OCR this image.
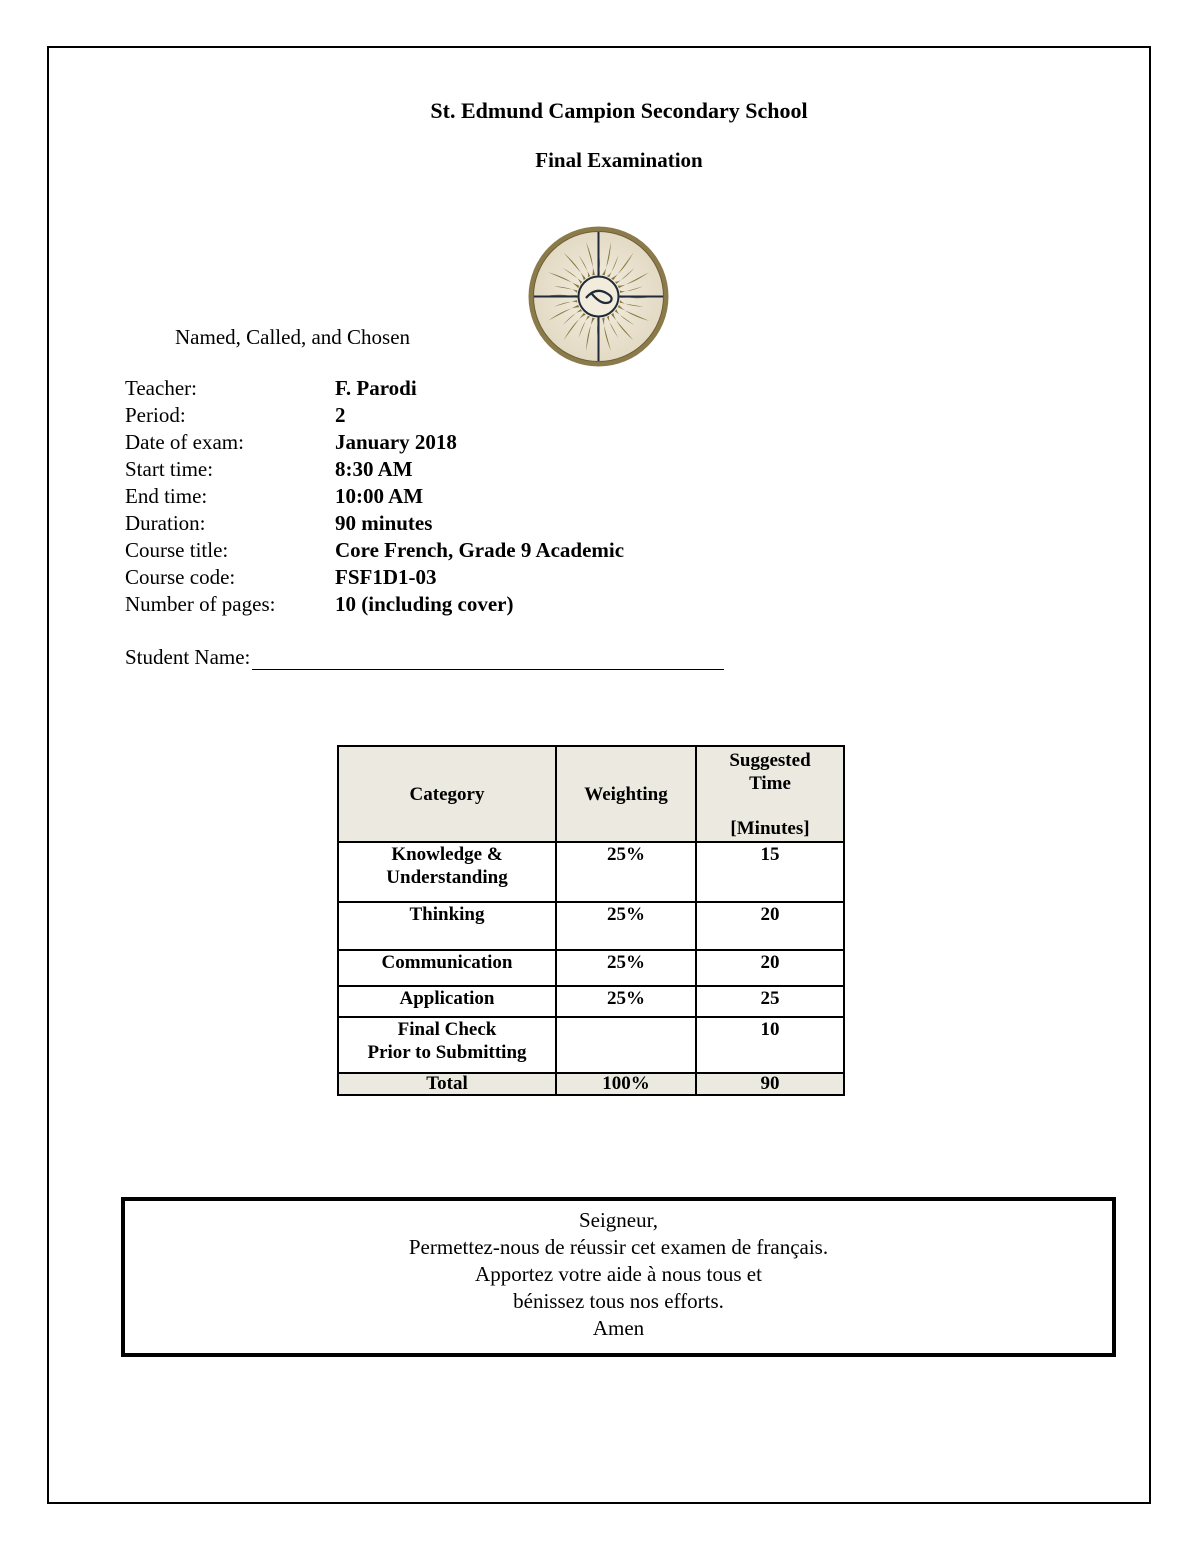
St. Edmund Campion Secondary School
Final Examination
Named, Called, and Chosen
Teacher:	F. Parodi
Period:	2
Date of exam:	January 2018
Start time:	8:30 AM
End time:	10:00 AM
Duration:	90 minutes
Course title:	Core French, Grade 9 Academic
Course code:	FSF1D1-03
Number of pages:	10 (including cover)
Student Name:
Category	Weighting	Suggested
Time
[Minutes]

Knowledge &
Understanding	25%	15

Thinking	25%	20

Communication	25%	20

Application	25%	25

Final Check
Prior to Submitting		10
Total	100%	90
Seigneur,
Permettez-nous de réussir cet examen de français.
Apportez votre aide à nous tous et
bénissez tous nos efforts.
Amen
